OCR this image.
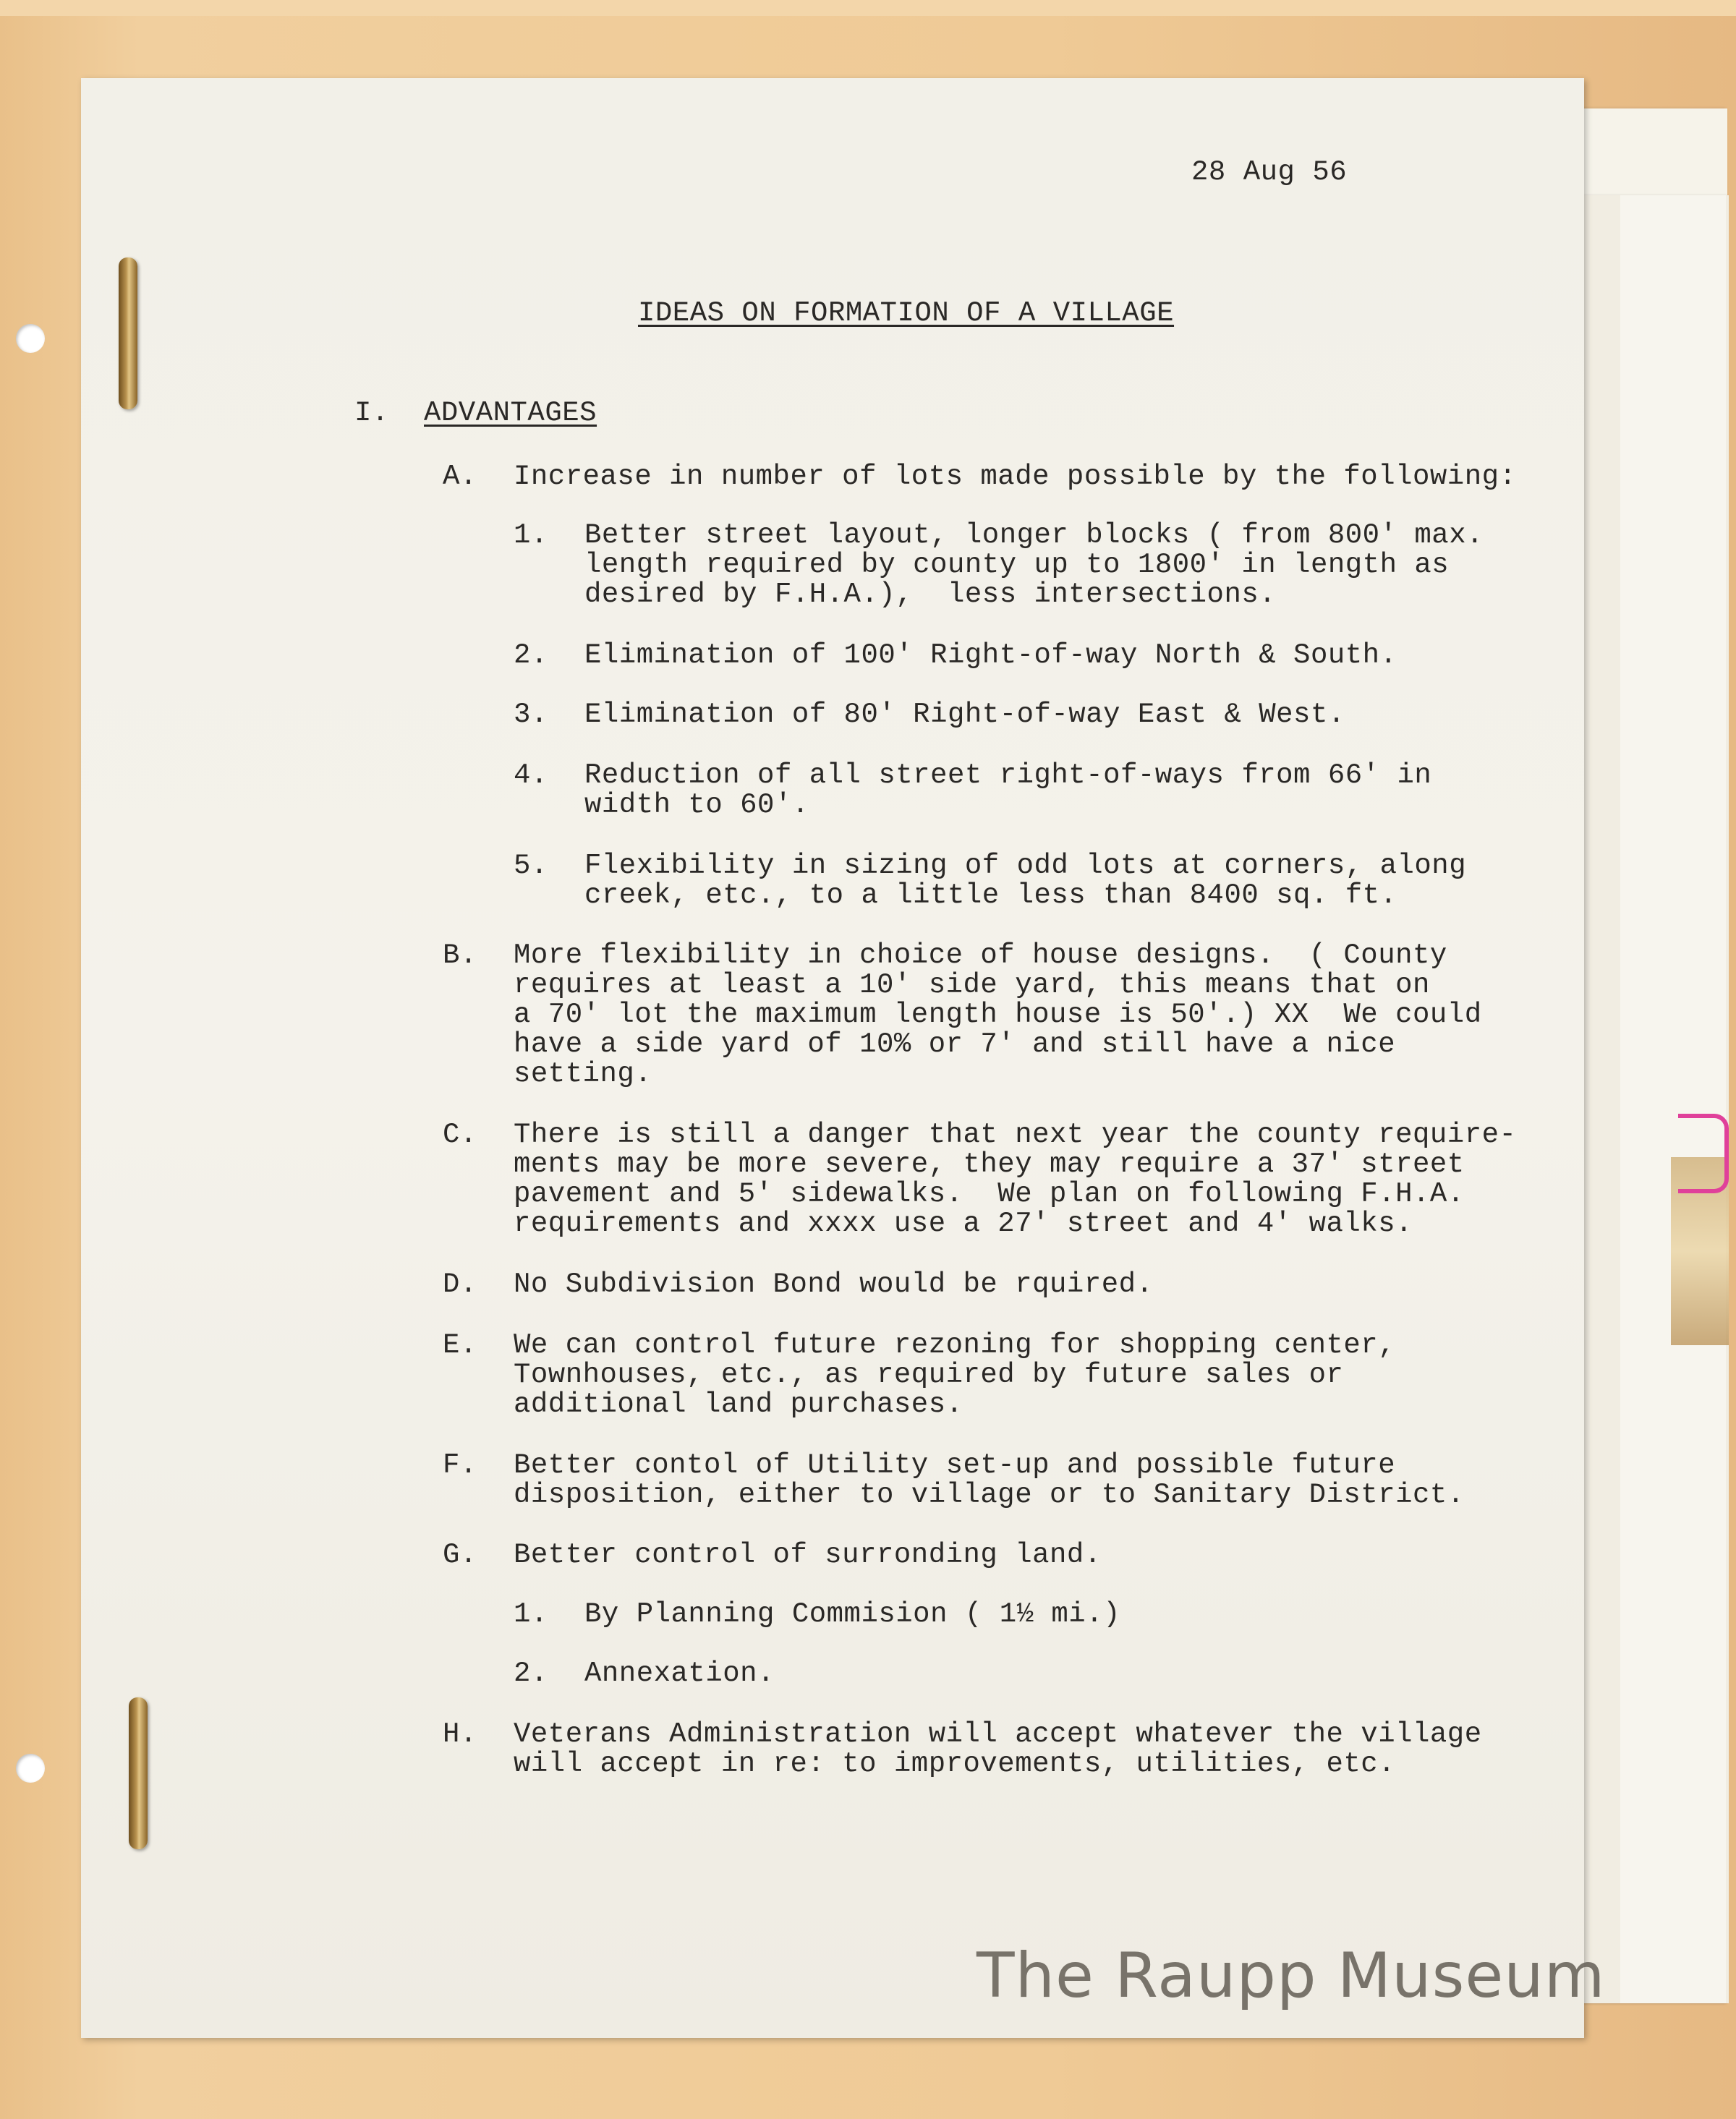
28 Aug 56
IDEAS ON FORMATION OF A VILLAGE
I. ADVANTAGES
A. Increase in number of lots made possible by the following:
1. Better street layout, longer blocks ( from 800' max.
length required by county up to 1800' in length as
desired by F.H.A.),  less intersections.
2. Elimination of 100' Right-of-way North & South.
3. Elimination of 80' Right-of-way East & West.
4. Reduction of all street right-of-ways from 66' in
width to 60'.
5. Flexibility in sizing of odd lots at corners, along
creek, etc., to a little less than 8400 sq. ft.
B. More flexibility in choice of house designs.  ( County
requires at least a 10' side yard, this means that on
a 70' lot the maximum length house is 50'.) XX  We could
have a side yard of 10% or 7' and still have a nice
setting.
C. There is still a danger that next year the county require-
ments may be more severe, they may require a 37' street
pavement and 5' sidewalks.  We plan on following F.H.A.
requirements and xxxx use a 27' street and 4' walks.
D. No Subdivision Bond would be rquired.
E. We can control future rezoning for shopping center,
Townhouses, etc., as required by future sales or
additional land purchases.
F. Better contol of Utility set-up and possible future
disposition, either to village or to Sanitary District.
G. Better control of surronding land.
1. By Planning Commision ( 1½ mi.)
2. Annexation.
H. Veterans Administration will accept whatever the village
will accept in re: to improvements, utilities, etc.
The Raupp Museum
